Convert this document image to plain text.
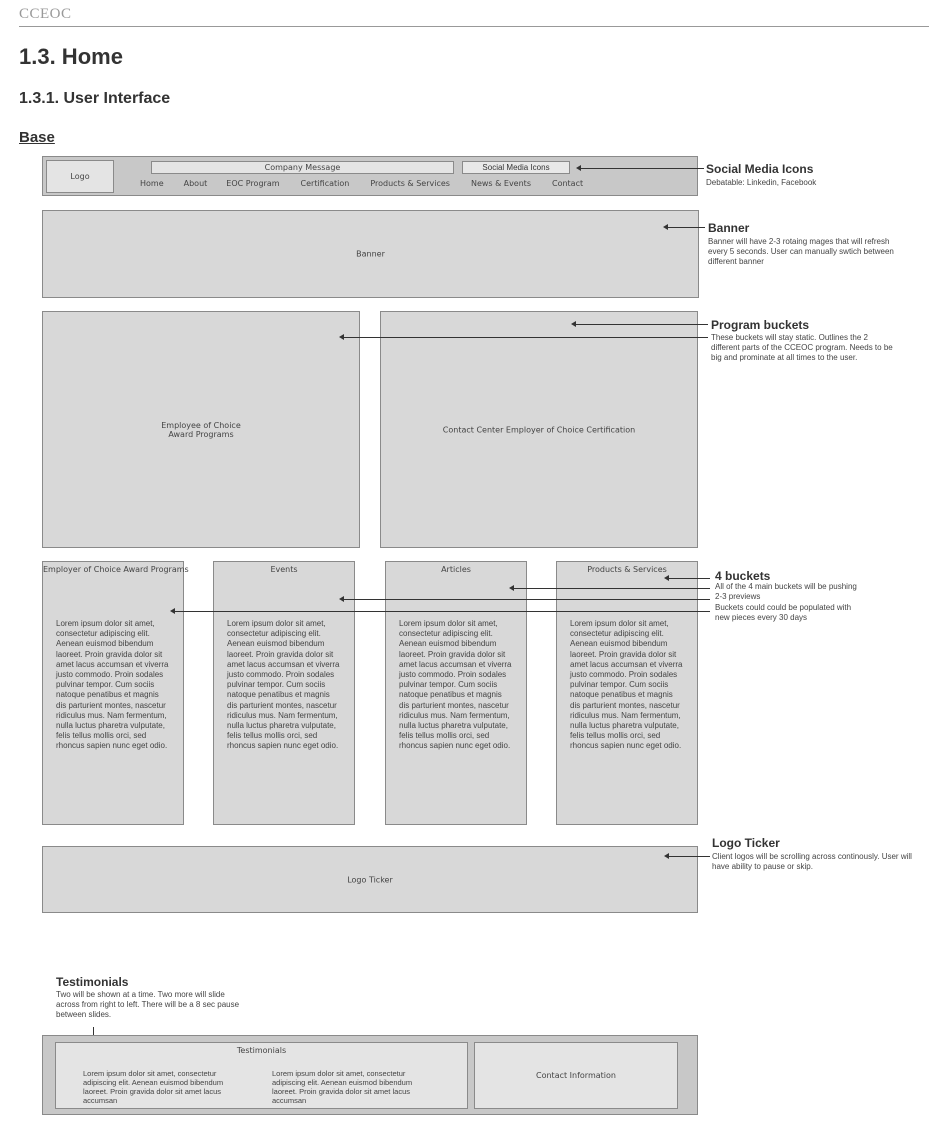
CCEOC
1.3. Home
1.3.1. User Interface
Base
Logo
Company Message	Social Media Icons
Home	About EOC Program	Certification	Products & Services	News & Events	Contact
Social Media Icons
Debatable: Linkedin, Facebook
Banner
Banner
Banner will have 2-3 rotaing mages that will refresh every 5 seconds. User can manually swtich between different banner
Employee of Choice
Award Programs	Contact Center Employer of Choice Certification
Program buckets
These buckets will stay static. Outlines the 2 different parts of the CCEOC program. Needs to be big and prominate at all times to the user.
Employer of Choice Award Programs
Lorem ipsum dolor sit amet, consectetur adipiscing elit. Aenean euismod bibendum laoreet. Proin gravida dolor sit amet lacus accumsan et viverra justo commodo. Proin sodales pulvinar tempor. Cum sociis natoque penatibus et magnis dis parturient montes, nascetur ridiculus mus. Nam fermentum, nulla luctus pharetra vulputate, felis tellus mollis orci, sed rhoncus sapien nunc eget odio.
Events
Lorem ipsum dolor sit amet, consectetur adipiscing elit. Aenean euismod bibendum laoreet. Proin gravida dolor sit amet lacus accumsan et viverra justo commodo. Proin sodales pulvinar tempor. Cum sociis natoque penatibus et magnis dis parturient montes, nascetur ridiculus mus. Nam fermentum, nulla luctus pharetra vulputate, felis tellus mollis orci, sed rhoncus sapien nunc eget odio.
Articles
Lorem ipsum dolor sit amet, consectetur adipiscing elit. Aenean euismod bibendum laoreet. Proin gravida dolor sit amet lacus accumsan et viverra justo commodo. Proin sodales pulvinar tempor. Cum sociis natoque penatibus et magnis dis parturient montes, nascetur ridiculus mus. Nam fermentum, nulla luctus pharetra vulputate, felis tellus mollis orci, sed rhoncus sapien nunc eget odio.
Products & Services
Lorem ipsum dolor sit amet, consectetur adipiscing elit. Aenean euismod bibendum laoreet. Proin gravida dolor sit amet lacus accumsan et viverra justo commodo. Proin sodales pulvinar tempor. Cum sociis natoque penatibus et magnis dis parturient montes, nascetur ridiculus mus. Nam fermentum, nulla luctus pharetra vulputate, felis tellus mollis orci, sed rhoncus sapien nunc eget odio.
4 buckets
All of the 4 main buckets will be pushing
2-3 previews
Buckets could could be populated with
new pieces every 30 days
Logo Ticker
Logo Ticker
Client logos will be scrolling across continously. User will have ability to pause or skip.
Testimonials
Two will be shown at a time. Two more will slide across from right to left. There will be a 8 sec pause between slides.
Testimonials
Lorem ipsum dolor sit amet, consectetur adipiscing elit. Aenean euismod bibendum laoreet. Proin gravida dolor sit amet lacus accumsan
Lorem ipsum dolor sit amet, consectetur adipiscing elit. Aenean euismod bibendum laoreet. Proin gravida dolor sit amet lacus accumsan
Contact Information
